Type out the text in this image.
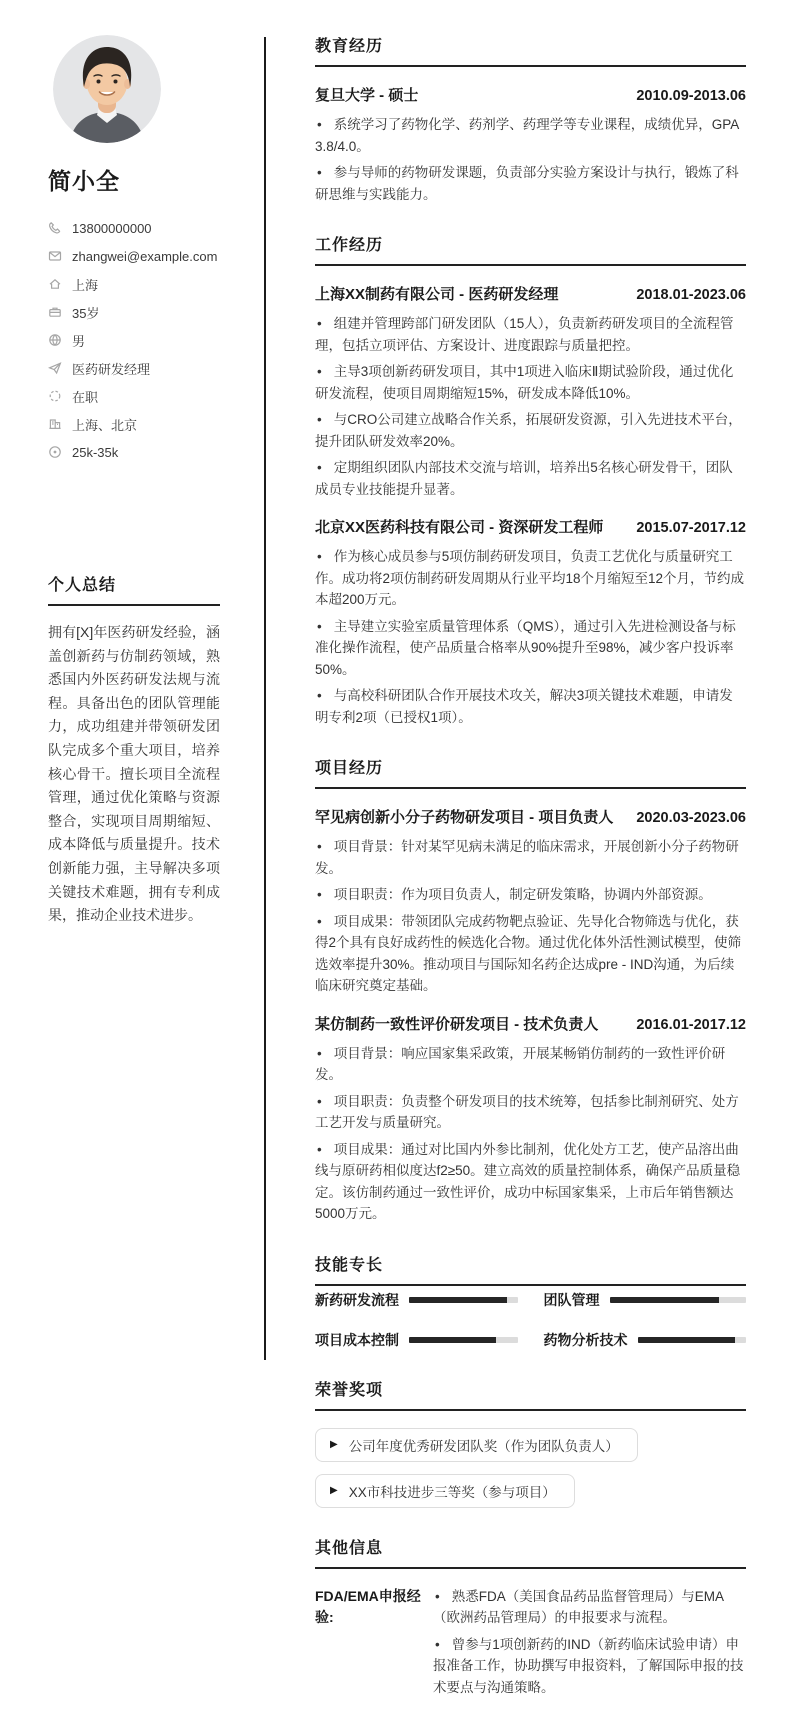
简小全
13800000000
zhangwei@example.com
上海
35岁
男
医药研发经理
在职
上海、北京
25k-35k
个人总结
拥有[X]年医药研发经验，涵盖创新药与仿制药领域，熟悉国内外医药研发法规与流程。具备出色的团队管理能力，成功组建并带领研发团队完成多个重大项目，培养核心骨干。擅长项目全流程管理，通过优化策略与资源整合，实现项目周期缩短、成本降低与质量提升。技术创新能力强，主导解决多项关键技术难题，拥有专利成果，推动企业技术进步。
教育经历
复旦大学 - 硕士	2010.09-2013.06

• 系统学习了药物化学、药剂学、药理学等专业课程，成绩优异，GPA 3.8/4.0。

• 参与导师的药物研发课题，负责部分实验方案设计与执行，锻炼了科研思维与实践能力。

工作经历
上海XX制药有限公司 - 医药研发经理	2018.01-2023.06

• 组建并管理跨部门研发团队（15人），负责新药研发项目的全流程管理，包括立项评估、方案设计、进度跟踪与质量把控。

• 主导3项创新药研发项目，其中1项进入临床Ⅱ期试验阶段，通过优化研发流程，使项目周期缩短15%，研发成本降低10%。

• 与CRO公司建立战略合作关系，拓展研发资源，引入先进技术平台，提升团队研发效率20%。

• 定期组织团队内部技术交流与培训，培养出5名核心研发骨干，团队成员专业技能提升显著。

北京XX医药科技有限公司 - 资深研发工程师 2015.07-2017.12

• 作为核心成员参与5项仿制药研发项目，负责工艺优化与质量研究工作。成功将2项仿制药研发周期从行业平均18个月缩短至12个月，节约成本超200万元。

• 主导建立实验室质量管理体系（QMS），通过引入先进检测设备与标准化操作流程，使产品质量合格率从90%提升至98%，减少客户投诉率50%。

• 与高校科研团队合作开展技术攻关，解决3项关键技术难题，申请发明专利2项（已授权1项）。

项目经历
罕见病创新小分子药物研发项目 - 项目负责人 2020.03-2023.06

• 项目背景：针对某罕见病未满足的临床需求，开展创新小分子药物研发。

• 项目职责：作为项目负责人，制定研发策略，协调内外部资源。

• 项目成果：带领团队完成药物靶点验证、先导化合物筛选与优化，获得2个具有良好成药性的候选化合物。通过优化体外活性测试模型，使筛选效率提升30%。推动项目与国际知名药企达成pre - IND沟通，为后续临床研究奠定基础。

某仿制药一致性评价研发项目 - 技术负责人	2016.01-2017.12

• 项目背景：响应国家集采政策，开展某畅销仿制药的一致性评价研发。

• 项目职责：负责整个研发项目的技术统筹，包括参比制剂研究、处方工艺开发与质量研究。

• 项目成果：通过对比国内外参比制剂，优化处方工艺，使产品溶出曲线与原研药相似度达f2≥50。建立高效的质量控制体系，确保产品质量稳定。该仿制药通过一致性评价，成功中标国家集采，上市后年销售额达5000万元。

技能专长
新药研发流程	团队管理
项目成本控制	药物分析技术
荣誉奖项
▶ 公司年度优秀研发团队奖（作为团队负责人）
▶ XX市科技进步三等奖（参与项目）
其他信息
FDA/EMA申报经验:

• 熟悉FDA（美国食品药品监督管理局）与EMA（欧洲药品管理局）的申报要求与流程。

• 曾参与1项创新药的IND（新药临床试验申请）申报准备工作，协助撰写申报资料，了解国际申报的技术要点与沟通策略。
